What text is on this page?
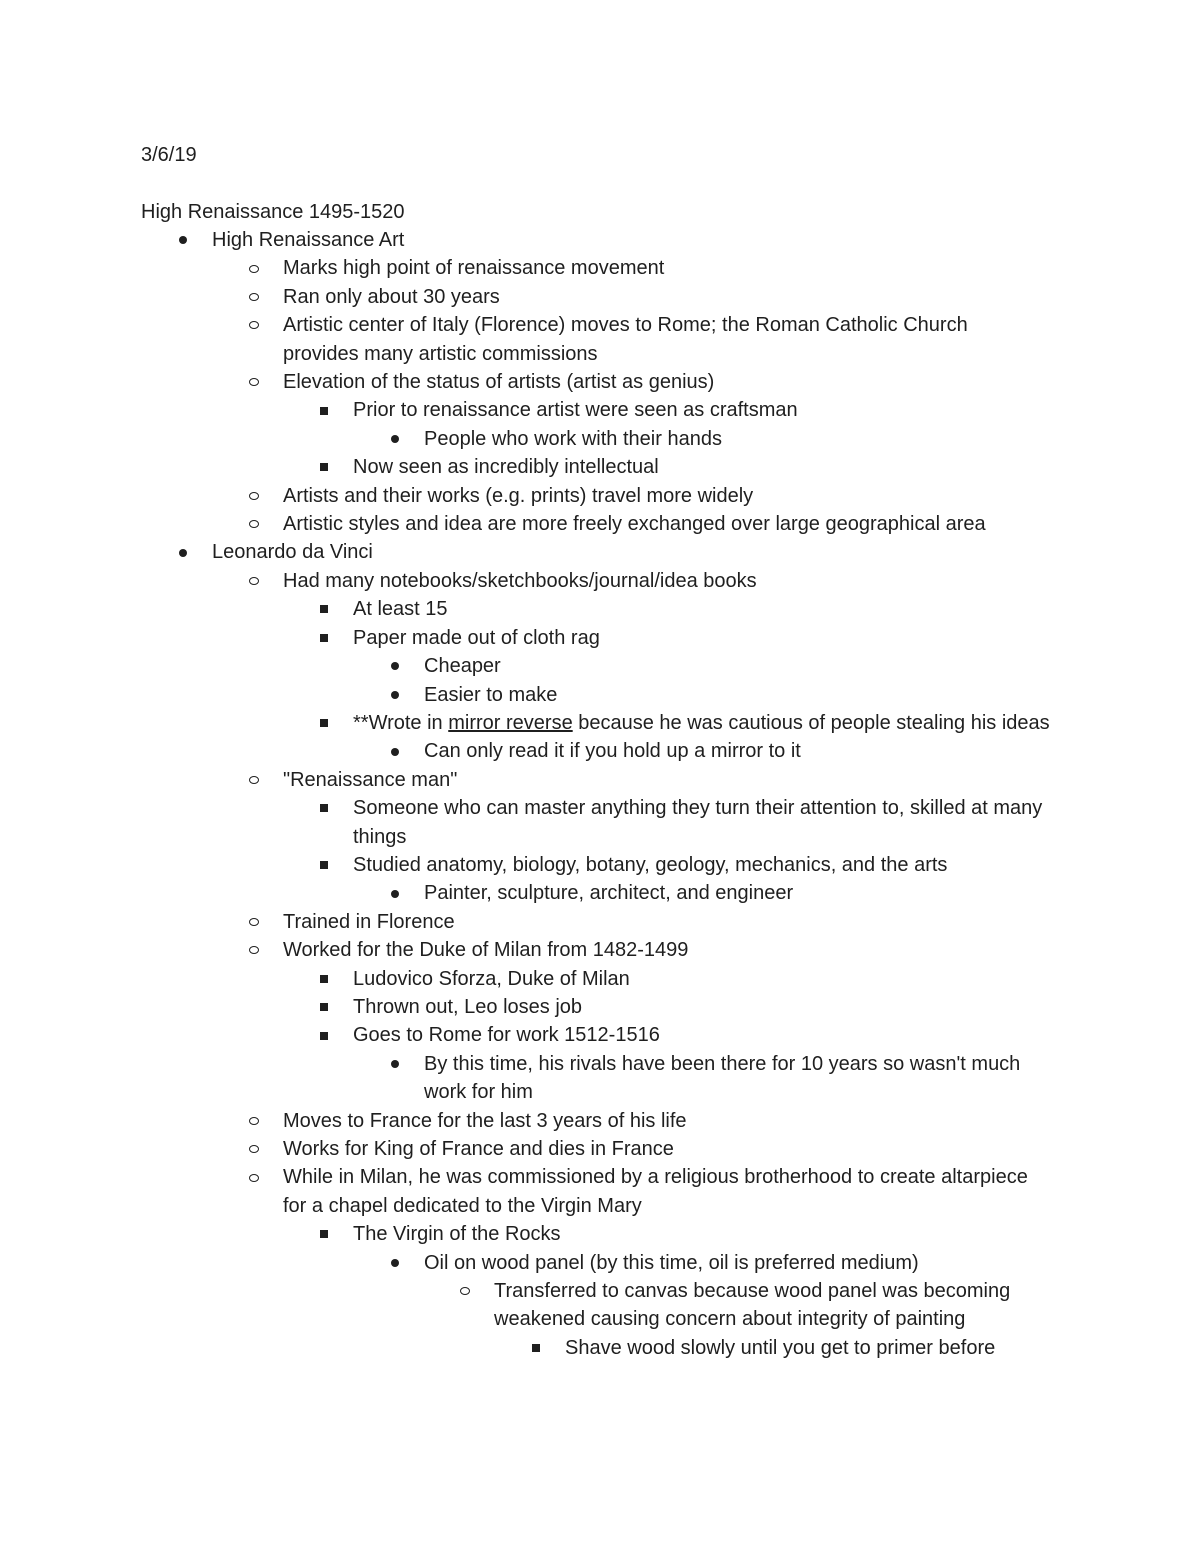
3/6/19
High Renaissance 1495-1520
High Renaissance Art
Marks high point of renaissance movement
Ran only about 30 years
Artistic center of Italy (Florence) moves to Rome; the Roman Catholic Church provides many artistic commissions
Elevation of the status of artists (artist as genius)
Prior to renaissance artist were seen as craftsman
People who work with their hands
Now seen as incredibly intellectual
Artists and their works (e.g. prints) travel more widely
Artistic styles and idea are more freely exchanged over large geographical area
Leonardo da Vinci
Had many notebooks/sketchbooks/journal/idea books
At least 15
Paper made out of cloth rag
Cheaper
Easier to make
**Wrote in mirror reverse because he was cautious of people stealing his ideas
Can only read it if you hold up a mirror to it
"Renaissance man"
Someone who can master anything they turn their attention to, skilled at many things
Studied anatomy, biology, botany, geology, mechanics, and the arts
Painter, sculpture, architect, and engineer
Trained in Florence
Worked for the Duke of Milan from 1482-1499
Ludovico Sforza, Duke of Milan
Thrown out, Leo loses job
Goes to Rome for work 1512-1516
By this time, his rivals have been there for 10 years so wasn't much work for him
Moves to France for the last 3 years of his life
Works for King of France and dies in France
While in Milan, he was commissioned by a religious brotherhood to create altarpiece for a chapel dedicated to the Virgin Mary
The Virgin of the Rocks
Oil on wood panel (by this time, oil is preferred medium)
Transferred to canvas because wood panel was becoming weakened causing concern about integrity of painting
Shave wood slowly until you get to primer before
